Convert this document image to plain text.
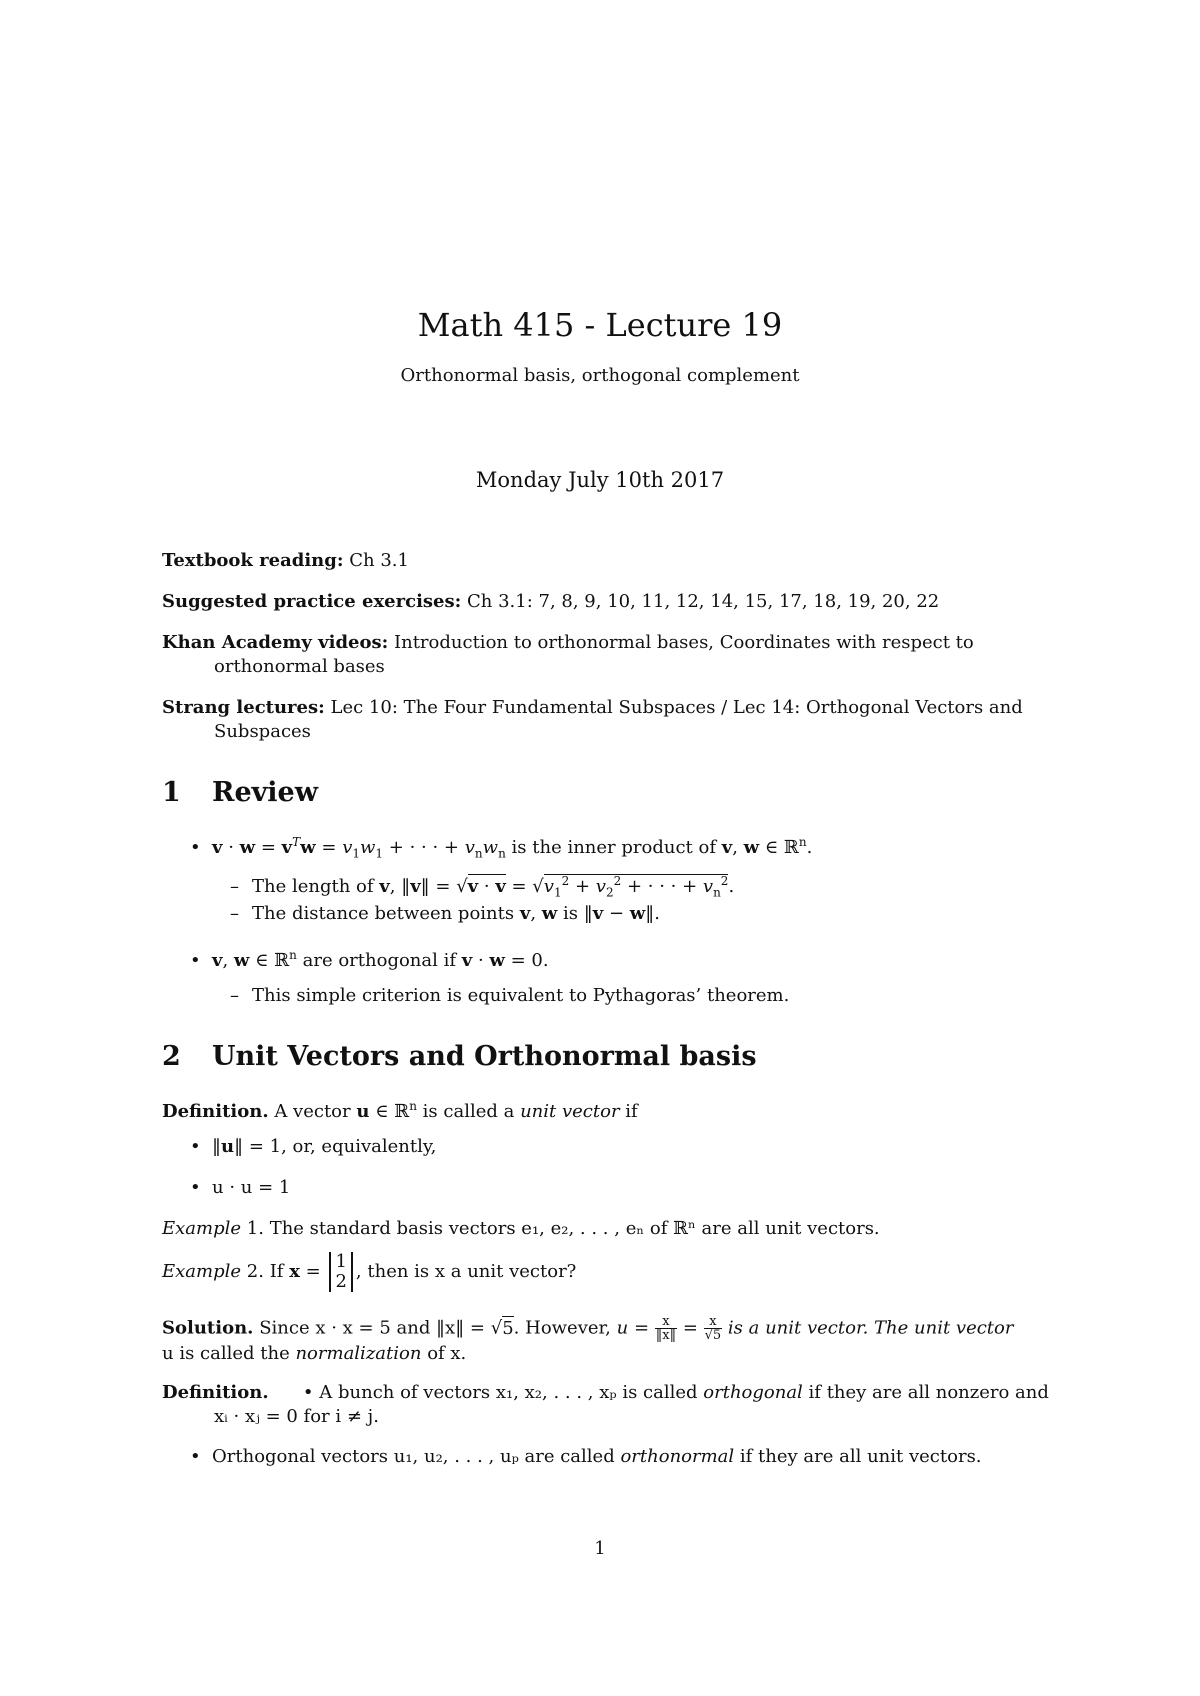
Math 415 - Lecture 19
Orthonormal basis, orthogonal complement
Monday July 10th 2017
Textbook reading: Ch 3.1
Suggested practice exercises: Ch 3.1: 7, 8, 9, 10, 11, 12, 14, 15, 17, 18, 19, 20, 22
Khan Academy videos: Introduction to orthonormal bases, Coordinates with respect to orthonormal bases
Strang lectures: Lec 10: The Four Fundamental Subspaces / Lec 14: Orthogonal Vectors and Subspaces
1 Review
• $v \cdot w = v^Tw = v_1w_1$ + · · · + $v_nw_n$ is the inner product of v, w ∈ ℝ$^n$.
– The length of v, ‖v‖ = $√v \cdot v = √v_1^2 + v_2^2$ + · · · + $v_n^2$.
– The distance between points v, w is ‖v − w‖.
• v, w ∈ ℝ$^n$ are orthogonal if v · w = 0.
– This simple criterion is equivalent to Pythagoras’ theorem.
2 Unit Vectors and Orthonormal basis
Definition. A vector u ∈ ℝ$^n$ is called a unit vector if
• ‖u‖ = 1, or, equivalently,
• u · u = 1
Example 1. The standard basis vectors e₁, e₂, . . . , eₙ of ℝⁿ are all unit vectors.
Example 2. If x = 1
2 , then is x a unit vector?
Solution. Since x · x = 5 and ‖x‖ = √5. However, $u = \frac{x}{‖x‖} = \frac{x}{√5}$ is a unit vector. The unit vector
u is called the normalization of x.
Definition.      • A bunch of vectors x₁, x₂, . . . , xₚ is called orthogonal if they are all nonzero and
xᵢ · xⱼ = 0 for i ≠ j.
• Orthogonal vectors u₁, u₂, . . . , uₚ are called orthonormal if they are all unit vectors.
1
